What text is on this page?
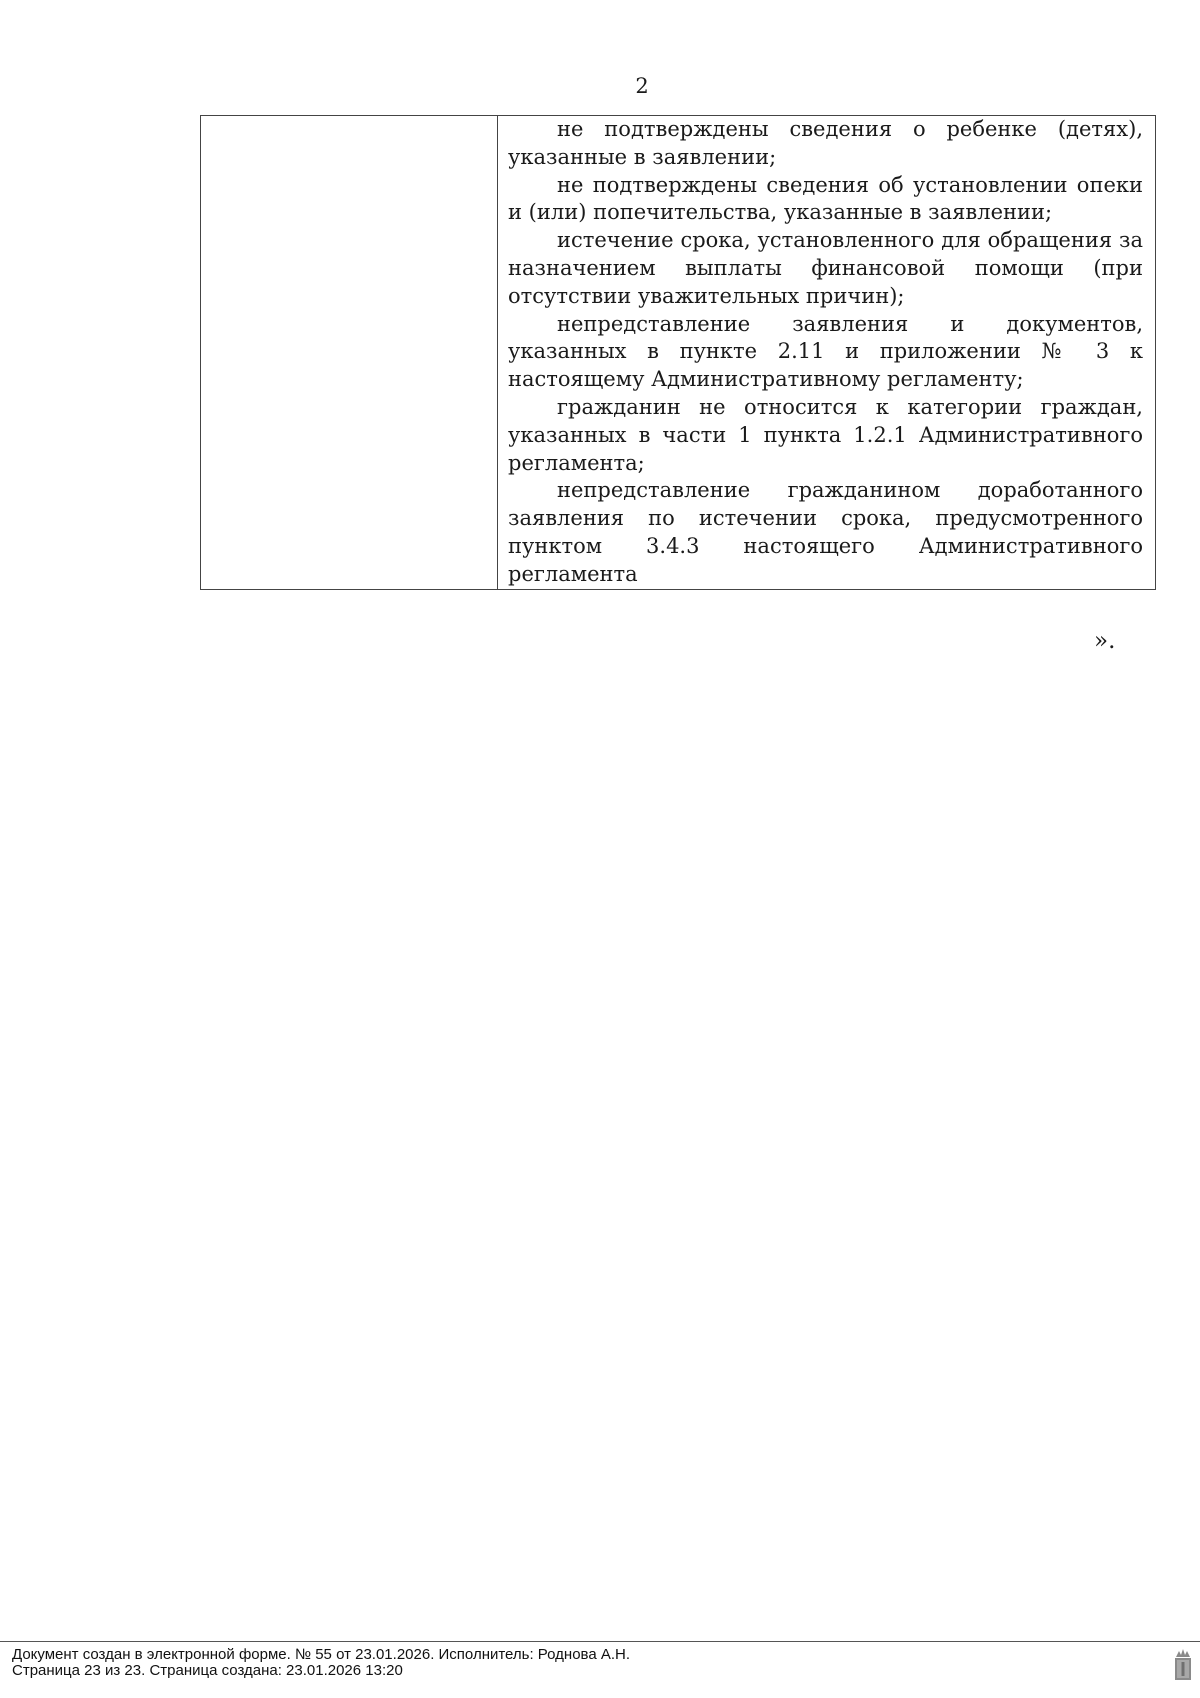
2

не подтверждены сведения о ребенке (детях), указанные в заявлении;

не подтверждены сведения об установлении опеки и (или) попечительства, указанные в заявлении;

истечение срока, установленного для обращения за назначением выплаты финансовой помощи (при отсутствии уважительных причин);

непредставление заявления и документов, указанных в пункте 2.11 и приложении № 3 к настоящему Административному регламенту;

гражданин не относится к категории граждан, указанных в части 1 пункта 1.2.1 Административного регламента;

непредставление гражданином доработанного заявления по истечении срока, предусмотренного пунктом 3.4.3 настоящего Административного регламента

».
Документ создан в электронной форме. № 55 от 23.01.2026. Исполнитель: Роднова А.Н.
Страница 23 из 23. Страница создана: 23.01.2026 13:20
